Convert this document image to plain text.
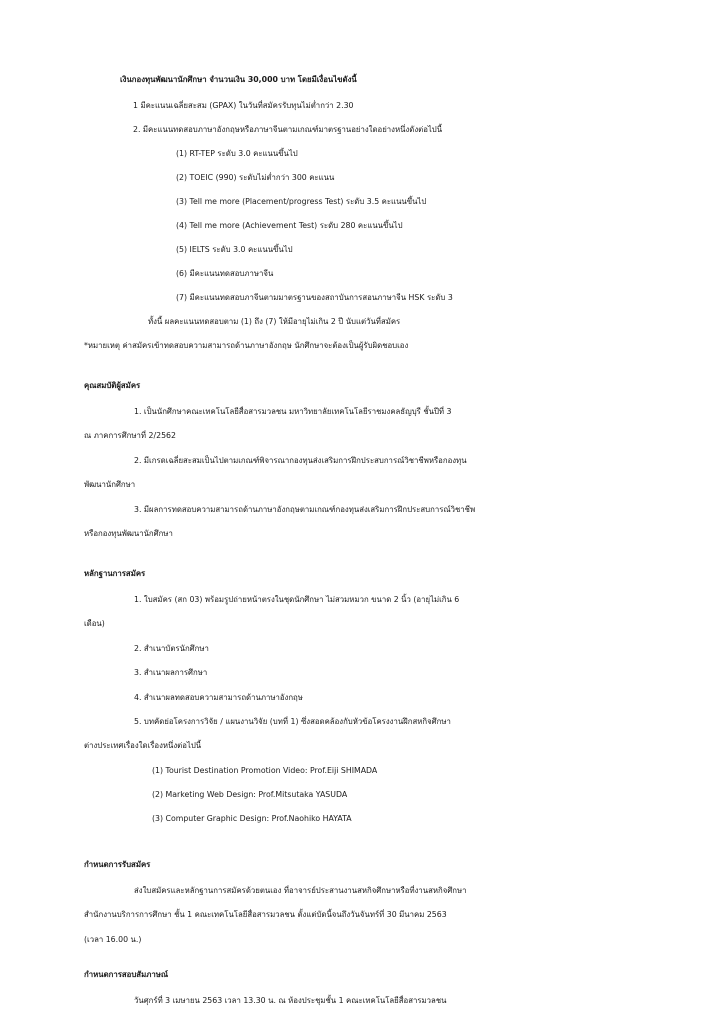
เงินกองทุนพัฒนานักศึกษา จำนวนเงิน 30,000 บาท โดยมีเงื่อนไขดังนี้
1 มีคะแนนเฉลี่ยสะสม (GPAX) ในวันที่สมัครรับทุนไม่ต่ำกว่า 2.30
2. มีคะแนนทดสอบภาษาอังกฤษหรือภาษาจีนตามเกณฑ์มาตรฐานอย่างใดอย่างหนึ่งดังต่อไปนี้
(1) RT-TEP ระดับ 3.0 คะแนนขึ้นไป
(2) TOEIC (990) ระดับไม่ต่ำกว่า 300 คะแนน
(3) Tell me more (Placement/progress Test) ระดับ 3.5 คะแนนขึ้นไป
(4) Tell me more (Achievement Test) ระดับ 280 คะแนนขึ้นไป
(5) IELTS ระดับ 3.0 คะแนนขึ้นไป
(6) มีคะแนนทดสอบภาษาจีน
(7) มีคะแนนทดสอบภาจีนตามมาตรฐานของสถาบันการสอนภาษาจีน HSK ระดับ 3
ทั้งนี้ ผลคะแนนทดสอบตาม (1) ถึง (7) ให้มีอายุไม่เกิน 2 ปี นับแต่วันที่สมัคร
*หมายเหตุ ค่าสมัครเข้าทดสอบความสามารถด้านภาษาอังกฤษ นักศึกษาจะต้องเป็นผู้รับผิดชอบเอง
คุณสมบัติผู้สมัคร
1. เป็นนักศึกษาคณะเทคโนโลยีสื่อสารมวลชน มหาวิทยาลัยเทคโนโลยีราชมงคลธัญบุรี ชั้นปีที่ 3
ณ ภาคการศึกษาที่ 2/2562
2. มีเกรดเฉลี่ยสะสมเป็นไปตามเกณฑ์พิจารณากองทุนส่งเสริมการฝึกประสบการณ์วิชาชีพหรือกองทุน
พัฒนานักศึกษา
3. มีผลการทดสอบความสามารถด้านภาษาอังกฤษตามเกณฑ์กองทุนส่งเสริมการฝึกประสบการณ์วิชาชีพ
หรือกองทุนพัฒนานักศึกษา
หลักฐานการสมัคร
1. ใบสมัคร (สก 03) พร้อมรูปถ่ายหน้าตรงในชุดนักศึกษา ไม่สวมหมวก ขนาด 2 นิ้ว (อายุไม่เกิน 6
เดือน)
2. สำเนาบัตรนักศึกษา
3. สำเนาผลการศึกษา
4. สำเนาผลทดสอบความสามารถด้านภาษาอังกฤษ
5. บทคัดย่อโครงการวิจัย / แผนงานวิจัย (บทที่ 1) ซึ่งสอดคล้องกับหัวข้อโครงงานฝึกสหกิจศึกษา
ต่างประเทศเรื่องใดเรื่องหนึ่งต่อไปนี้
(1) Tourist Destination Promotion Video: Prof.Eiji SHIMADA
(2) Marketing Web Design: Prof.Mitsutaka YASUDA
(3) Computer Graphic Design: Prof.Naohiko HAYATA
กำหนดการรับสมัคร
ส่งใบสมัครและหลักฐานการสมัครด้วยตนเอง ที่อาจารย์ประสานงานสหกิจศึกษาหรือที่งานสหกิจศึกษา
สำนักงานบริการการศึกษา ชั้น 1 คณะเทคโนโลยีสื่อสารมวลชน ตั้งแต่บัดนี้จนถึงวันจันทร์ที่ 30 มีนาคม 2563
(เวลา 16.00 น.)
กำหนดการสอบสัมภาษณ์
วันศุกร์ที่ 3 เมษายน 2563 เวลา 13.30 น. ณ ห้องประชุมชั้น 1 คณะเทคโนโลยีสื่อสารมวลชน
